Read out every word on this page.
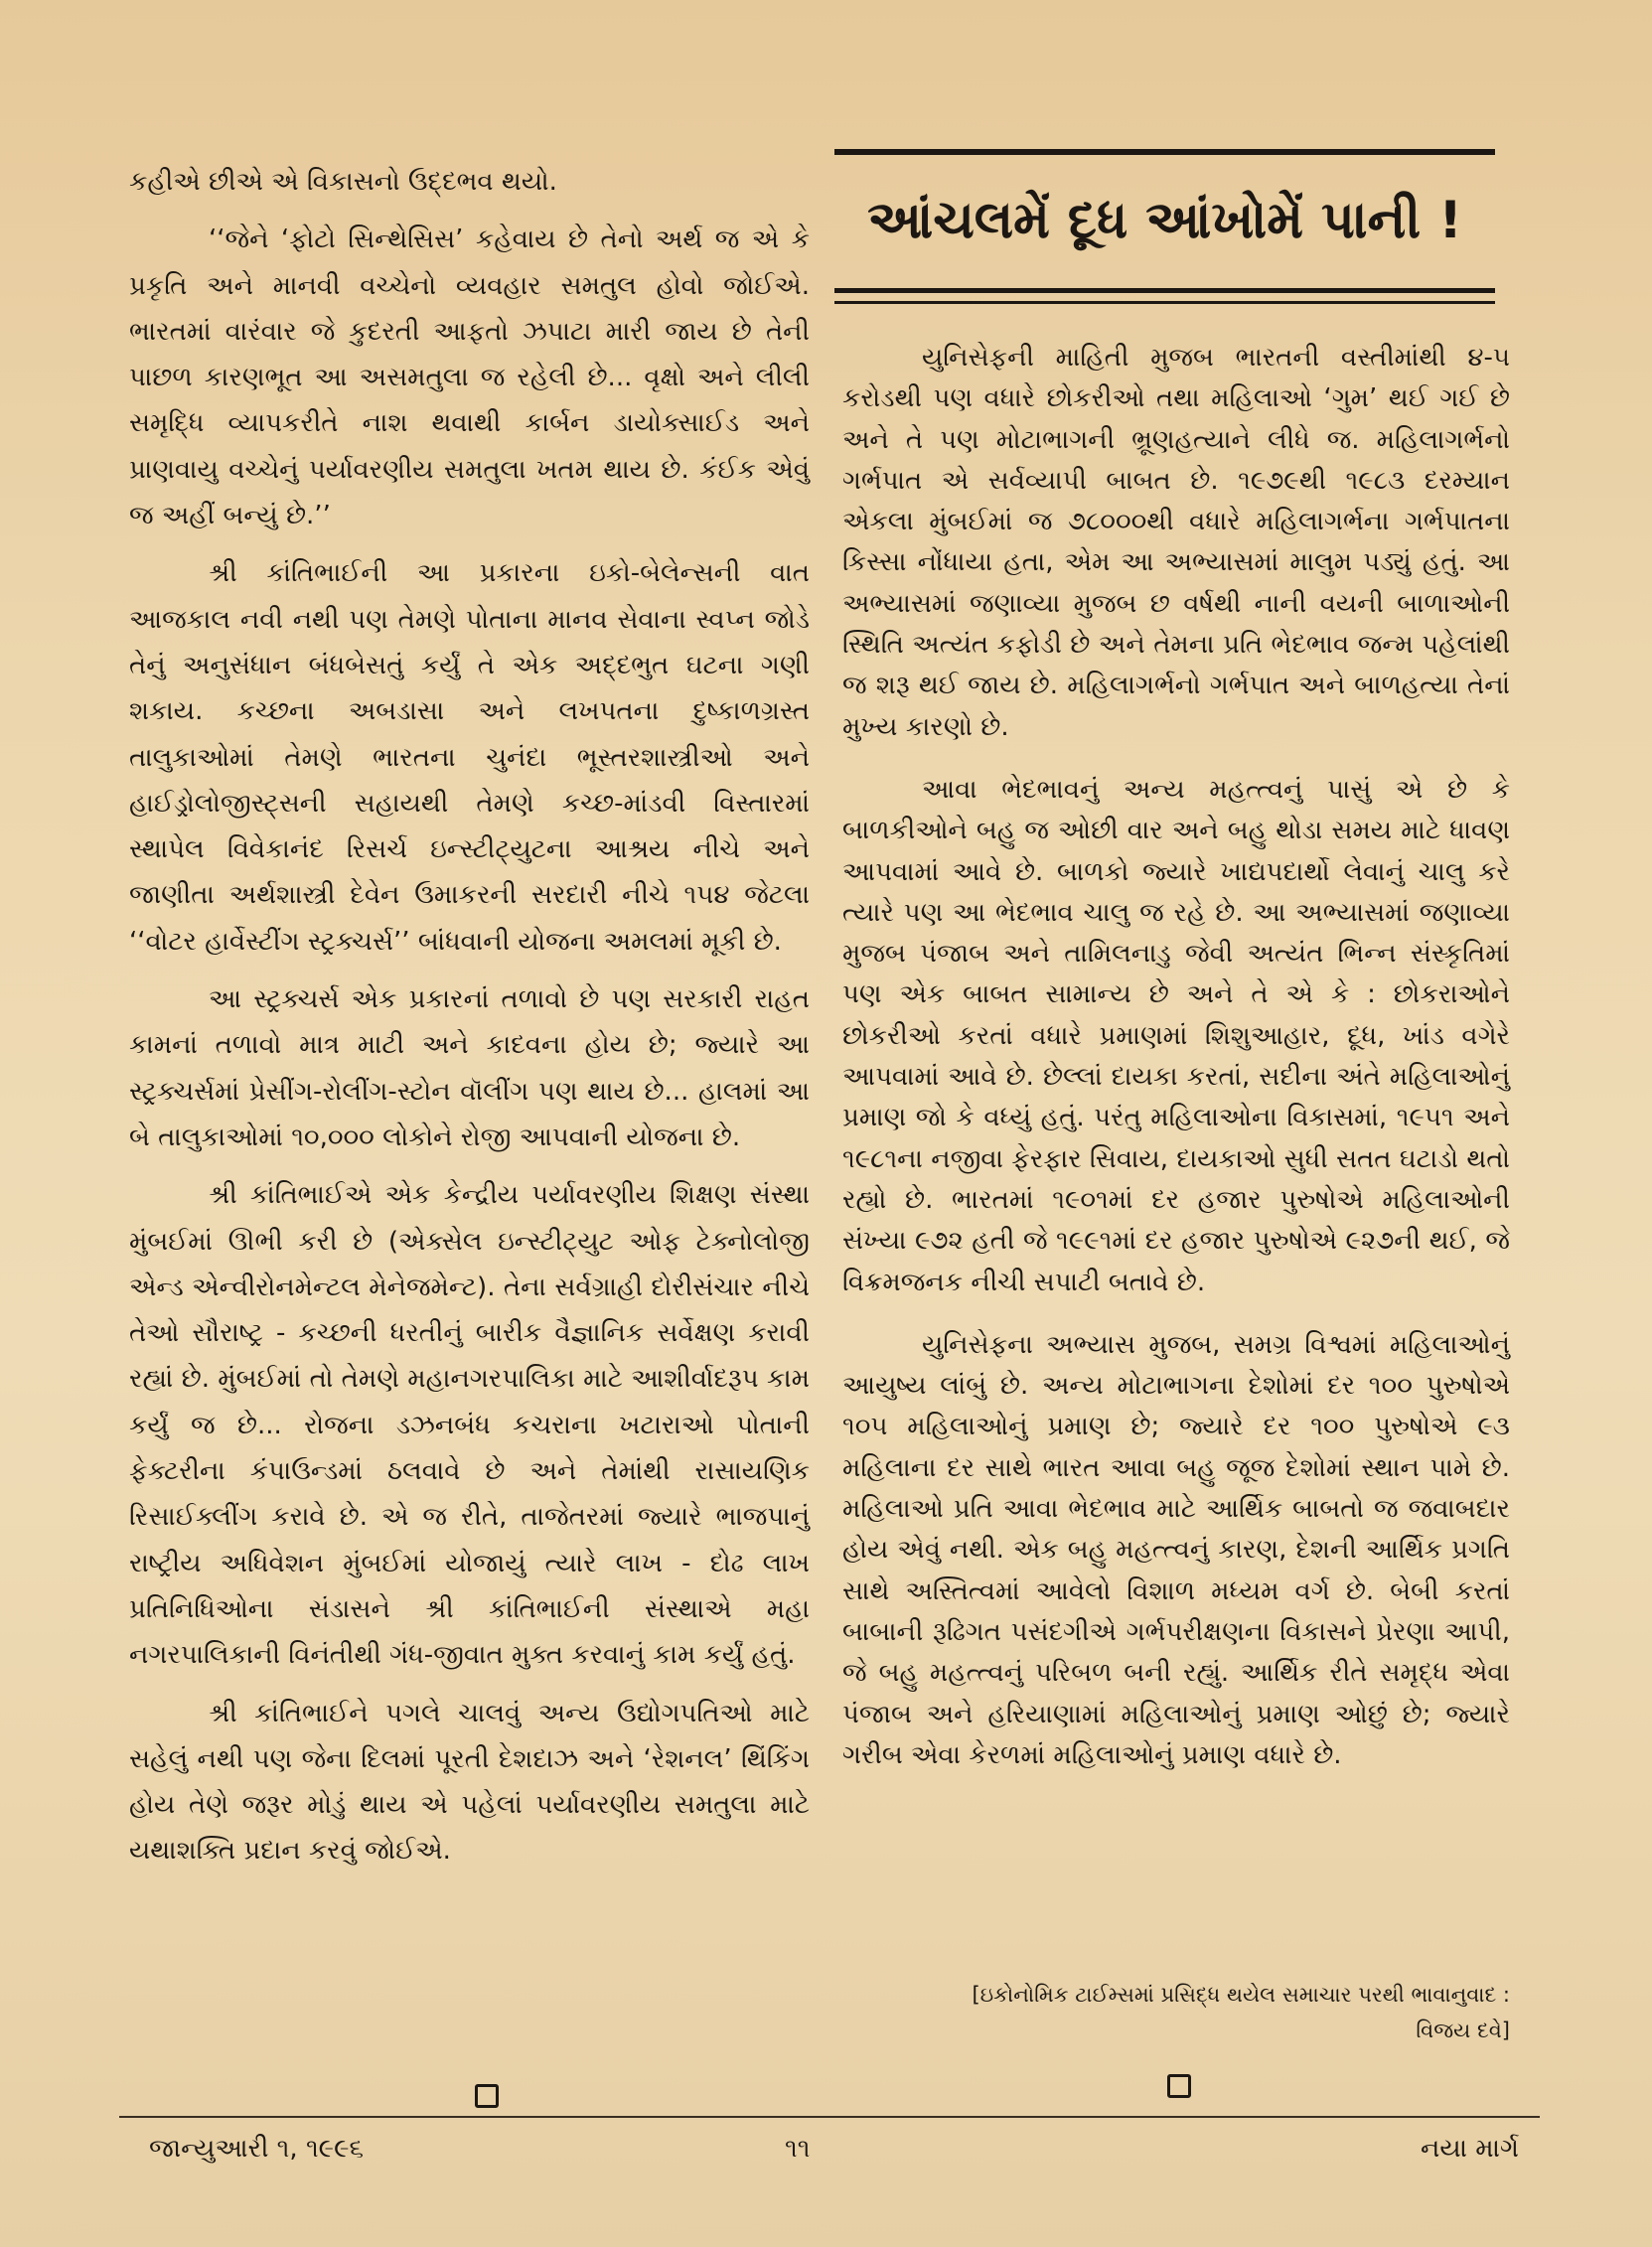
કહીએ છીએ એ વિકાસનો ઉદ્દભવ થયો.

‘‘જેને ‘ફોટો સિન્થેસિસ’ કહેવાય છે તેનો અર્થ જ એ કે પ્રકૃતિ અને માનવી વચ્ચેનો વ્યવહાર સમતુલ હોવો જોઈએ. ભારતમાં વારંવાર જે કુદરતી આફતો ઝપાટા મારી જાય છે તેની પાછળ કારણભૂત આ અસમતુલા જ રહેલી છે... વૃક્ષો અને લીલી સમૃદ્ધિ વ્યાપકરીતે નાશ થવાથી કાર્બન ડાયોક્સાઈડ અને પ્રાણવાયુ વચ્ચેનું પર્યાવરણીય સમતુલા ખતમ થાય છે. કંઈક એવું જ અહીં બન્યું છે.’’

શ્રી કાંતિભાઈની આ પ્રકારના ઇકો-બેલેન્સની વાત આજકાલ નવી નથી પણ તેમણે પોતાના માનવ સેવાના સ્વપ્ન જોડે તેનું અનુસંધાન બંધબેસતું કર્યું તે એક અદ્દભુત ઘટના ગણી શકાય. કચ્છના અબડાસા અને લખપતના દુષ્કાળગ્રસ્ત તાલુકાઓમાં તેમણે ભારતના ચુનંદા ભૂસ્તરશાસ્ત્રીઓ અને હાઈડ્રોલોજીસ્ટ્સની સહાયથી તેમણે કચ્છ-માંડવી વિસ્તારમાં સ્થાપેલ વિવેકાનંદ રિસર્ચ ઇન્સ્ટીટ્યુટના આશ્રય નીચે અને જાણીતા અર્થશાસ્ત્રી દેવેન ઉમાકરની સરદારી નીચે ૧૫૪ જેટલા ‘‘વોટર હાર્વેસ્ટીંગ સ્ટ્રક્ચર્સ’’ બાંધવાની યોજના અમલમાં મૂકી છે.

આ સ્ટ્રક્ચર્સ એક પ્રકારનાં તળાવો છે પણ સરકારી રાહત કામનાં તળાવો માત્ર માટી અને કાદવના હોય છે; જ્યારે આ સ્ટ્રક્ચર્સમાં પ્રેસીંગ-રોલીંગ-સ્ટોન વૉલીંગ પણ થાય છે... હાલમાં આ બે તાલુકાઓમાં ૧૦,૦૦૦ લોકોને રોજી આપવાની યોજના છે.

શ્રી કાંતિભાઈએ એક કેન્દ્રીય પર્યાવરણીય શિક્ષણ સંસ્થા મુંબઈમાં ઊભી કરી છે (એક્સેલ ઇન્સ્ટીટ્યુટ ઓફ ટેક્નોલોજી એન્ડ એન્વીરોનમેન્ટલ મેનેજમેન્ટ). તેના સર્વગ્રાહી દોરીસંચાર નીચે તેઓ સૌરાષ્ટ્ર - કચ્છની ધરતીનું બારીક વૈજ્ઞાનિક સર્વેક્ષણ કરાવી રહ્યાં છે. મુંબઈમાં તો તેમણે મહાનગરપાલિકા માટે આશીર્વાદરૂપ કામ કર્યું જ છે... રોજના ડઝનબંધ કચરાના ખટારાઓ પોતાની ફેક્ટરીના કંપાઉન્ડમાં ઠલવાવે છે અને તેમાંથી રાસાયણિક રિસાઈક્લીંગ કરાવે છે. એ જ રીતે, તાજેતરમાં જ્યારે ભાજપાનું રાષ્ટ્રીય અધિવેશન મુંબઈમાં યોજાયું ત્યારે લાખ - દોઢ લાખ પ્રતિનિધિઓના સંડાસને શ્રી કાંતિભાઈની સંસ્થાએ મહા નગરપાલિકાની વિનંતીથી ગંધ-જીવાત મુક્ત કરવાનું કામ કર્યું હતું.

શ્રી કાંતિભાઈને પગલે ચાલવું અન્ય ઉદ્યોગપતિઓ માટે સહેલું નથી પણ જેના દિલમાં પૂરતી દેશદાઝ અને ‘રેશનલ’ થિંકિંગ હોય તેણે જરૂર મોડું થાય એ પહેલાં પર્યાવરણીય સમતુલા માટે યથાશક્તિ પ્રદાન કરવું જોઈએ.

આંચલમેં દૂધ આંખોમેં પાની !

યુનિસેફની માહિતી મુજબ ભારતની વસ્તીમાંથી ૪-૫ કરોડથી પણ વધારે છોકરીઓ તથા મહિલાઓ ‘ગુમ’ થઈ ગઈ છે અને તે પણ મોટાભાગની ભ્રૂણહત્યાને લીધે જ. મહિલાગર્ભનો ગર્ભપાત એ સર્વવ્યાપી બાબત છે. ૧૯૭૯થી ૧૯૮૩ દરમ્યાન એકલા મુંબઈમાં જ ૭૮૦૦૦થી વધારે મહિલાગર્ભના ગર્ભપાતના કિસ્સા નોંધાયા હતા, એમ આ અભ્યાસમાં માલુમ પડ્યું હતું. આ અભ્યાસમાં જણાવ્યા મુજબ છ વર્ષથી નાની વયની બાળાઓની સ્થિતિ અત્યંત કફોડી છે અને તેમના પ્રતિ ભેદભાવ જન્મ પહેલાંથી જ શરૂ થઈ જાય છે. મહિલાગર્ભનો ગર્ભપાત અને બાળહત્યા તેનાં મુખ્ય કારણો છે.

આવા ભેદભાવનું અન્ય મહત્ત્વનું પાસું એ છે કે બાળકીઓને બહુ જ ઓછી વાર અને બહુ થોડા સમય માટે ધાવણ આપવામાં આવે છે. બાળકો જ્યારે ખાદ્યપદાર્થો લેવાનું ચાલુ કરે ત્યારે પણ આ ભેદભાવ ચાલુ જ રહે છે. આ અભ્યાસમાં જણાવ્યા મુજબ પંજાબ અને તામિલનાડુ જેવી અત્યંત ભિન્ન સંસ્કૃતિમાં પણ એક બાબત સામાન્ય છે અને તે એ કે : છોકરાઓને છોકરીઓ કરતાં વધારે પ્રમાણમાં શિશુઆહાર, દૂધ, ખાંડ વગેરે આપવામાં આવે છે. છેલ્લાં દાયકા કરતાં, સદીના અંતે મહિલાઓનું પ્રમાણ જો કે વધ્યું હતું. પરંતુ મહિલાઓના વિકાસમાં, ૧૯૫૧ અને ૧૯૮૧ના નજીવા ફેરફાર સિવાય, દાયકાઓ સુધી સતત ઘટાડો થતો રહ્યો છે. ભારતમાં ૧૯૦૧માં દર હજાર પુરુષોએ મહિલાઓની સંખ્યા ૯૭૨ હતી જે ૧૯૯૧માં દર હજાર પુરુષોએ ૯૨૭ની થઈ, જે વિક્રમજનક નીચી સપાટી બતાવે છે.

યુનિસેફના અભ્યાસ મુજબ, સમગ્ર વિશ્વમાં મહિલાઓનું આયુષ્ય લાંબું છે. અન્ય મોટાભાગના દેશોમાં દર ૧૦૦ પુરુષોએ ૧૦૫ મહિલાઓનું પ્રમાણ છે; જ્યારે દર ૧૦૦ પુરુષોએ ૯૩ મહિલાના દર સાથે ભારત આવા બહુ જૂજ દેશોમાં સ્થાન પામે છે. મહિલાઓ પ્રતિ આવા ભેદભાવ માટે આર્થિક બાબતો જ જવાબદાર હોય એવું નથી. એક બહુ મહત્ત્વનું કારણ, દેશની આર્થિક પ્રગતિ સાથે અસ્તિત્વમાં આવેલો વિશાળ મધ્યમ વર્ગ છે. બેબી કરતાં બાબાની રૂઢિગત પસંદગીએ ગર્ભપરીક્ષણના વિકાસને પ્રેરણા આપી, જે બહુ મહત્ત્વનું પરિબળ બની રહ્યું. આર્થિક રીતે સમૃદ્ધ એવા પંજાબ અને હરિયાણામાં મહિલાઓનું પ્રમાણ ઓછું છે; જ્યારે ગરીબ એવા કેરળમાં મહિલાઓનું પ્રમાણ વધારે છે.

[ઇકોનોમિક ટાઈમ્સમાં પ્રસિદ્ધ થયેલ સમાચાર પરથી ભાવાનુવાદ :
વિજય દવે]
જાન્યુઆરી ૧, ૧૯૯૬	૧૧	નયા માર્ગ
